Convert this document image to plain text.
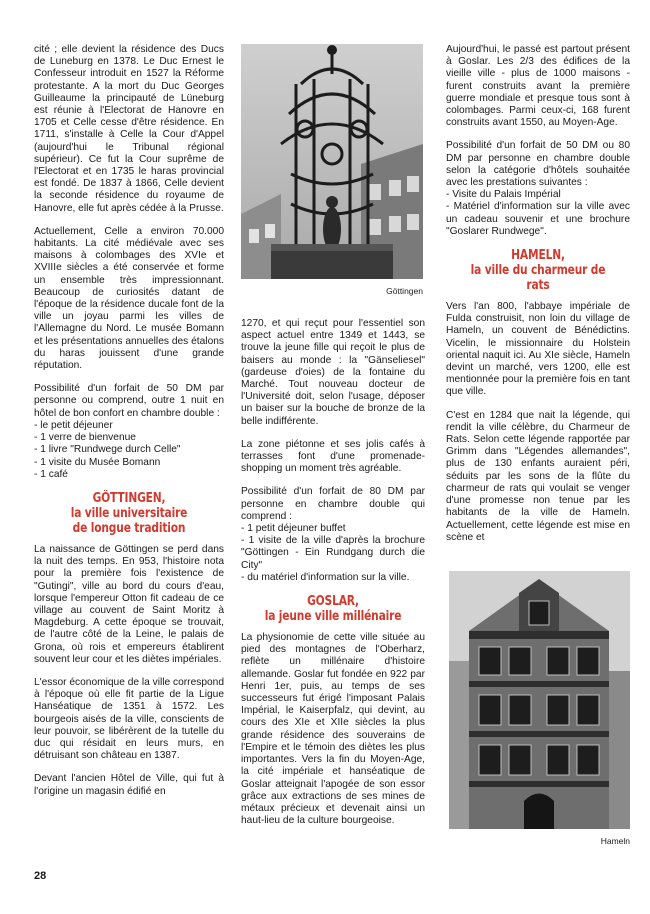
cité ; elle devient la résidence des Ducs de Luneburg en 1378. Le Duc Ernest le Confesseur introduit en 1527 la Réforme protestante. A la mort du Duc Georges Guilleaume la principauté de Lüneburg est réunie à l'Electorat de Hanovre en 1705 et Celle cesse d'être résidence. En 1711, s'installe à Celle la Cour d'Appel (aujourd'hui le Tribunal régional supérieur). Ce fut la Cour suprême de l'Electorat et en 1735 le haras provincial est fondé. De 1837 à 1866, Celle devient la seconde résidence du royaume de Hanovre, elle fut après cédée à la Prusse.

Actuellement, Celle a environ 70.000 habitants. La cité médiévale avec ses maisons à colombages des XVIe et XVIIIe siècles a été conservée et forme un ensemble très impressionnant. Beaucoup de curiosités datant de l'époque de la résidence ducale font de la ville un joyau parmi les villes de l'Allemagne du Nord. Le musée Bomann et les présentations annuelles des étalons du haras jouissent d'une grande réputation.

Possibilité d'un forfait de 50 DM par personne ou comprend, outre 1 nuit en hôtel de bon confort en chambre double :

- le petit déjeuner
- 1 verre de bienvenue
- 1 livre "Rundwege durch Celle"
- 1 visite du Musée Bomann
- 1 café
GÖTTINGEN,
la ville universitaire
de longue tradition

La naissance de Göttingen se perd dans la nuit des temps. En 953, l'histoire nota pour la première fois l'existence de "Gutingi", ville au bord du cours d'eau, lorsque l'empereur Otton fit cadeau de ce village au couvent de Saint Moritz à Magdeburg. A cette époque se trouvait, de l'autre côté de la Leine, le palais de Grona, où rois et empereurs établirent souvent leur cour et les diètes impériales.

L'essor économique de la ville correspond à l'époque où elle fit partie de la Ligue Hanséatique de 1351 à 1572. Les bourgeois aisés de la ville, conscients de leur pouvoir, se libérèrent de la tutelle du duc qui résidait en leurs murs, en détruisant son château en 1387.

Devant l'ancien Hôtel de Ville, qui fut à l'origine un magasin édifié en

Göttingen

1270, et qui reçut pour l'essentiel son aspect actuel entre 1349 et 1443, se trouve la jeune fille qui reçoit le plus de baisers au monde : la "Gänseliesel" (gardeuse d'oies) de la fontaine du Marché. Tout nouveau docteur de l'Université doit, selon l'usage, déposer un baiser sur la bouche de bronze de la belle indifférente.

La zone piétonne et ses jolis cafés à terrasses font d'une promenade-shopping un moment très agréable.

Possibilité d'un forfait de 80 DM par personne en chambre double qui comprend :

- 1 petit déjeuner buffet
- 1 visite de la ville d'après la brochure "Göttingen - Ein Rundgang durch die City"
- du matériel d'information sur la ville.
GOSLAR,
la jeune ville millénaire

La physionomie de cette ville située au pied des montagnes de l'Oberharz, reflète un millénaire d'histoire allemande. Goslar fut fondée en 922 par Henri 1er, puis, au temps de ses successeurs fut érigé l'imposant Palais Impérial, le Kaiserpfalz, qui devint, au cours des XIe et XIIe siècles la plus grande résidence des souverains de l'Empire et le témoin des diètes les plus importantes. Vers la fin du Moyen-Age, la cité impériale et hanséatique de Goslar atteignait l'apogée de son essor grâce aux extractions de ses mines de métaux précieux et devenait ainsi un haut-lieu de la culture bourgeoise.

Aujourd'hui, le passé est partout présent à Goslar. Les 2/3 des édifices de la vieille ville - plus de 1000 maisons - furent construits avant la première guerre mondiale et presque tous sont à colombages. Parmi ceux-ci, 168 furent construits avant 1550, au Moyen-Age.

Possibilité d'un forfait de 50 DM ou 80 DM par personne en chambre double selon la catégorie d'hôtels souhaitée avec les prestations suivantes :

- Visite du Palais Impérial
- Matériel d'information sur la ville avec un cadeau souvenir et une brochure "Goslarer Rundwege".
HAMELN,
la ville du charmeur de rats

Vers l'an 800, l'abbaye impériale de Fulda construisit, non loin du village de Hameln, un couvent de Bénédictins. Vicelin, le missionnaire du Holstein oriental naquit ici. Au XIe siècle, Hameln devint un marché, vers 1200, elle est mentionnée pour la première fois en tant que ville.

C'est en 1284 que nait la légende, qui rendit la ville célèbre, du Charmeur de Rats. Selon cette légende rapportée par Grimm dans "Légendes allemandes", plus de 130 enfants auraient péri, séduits par les sons de la flûte du charmeur de rats qui voulait se venger d'une promesse non tenue par les habitants de la ville de Hameln. Actuellement, cette légende est mise en scène et

Hameln
28
